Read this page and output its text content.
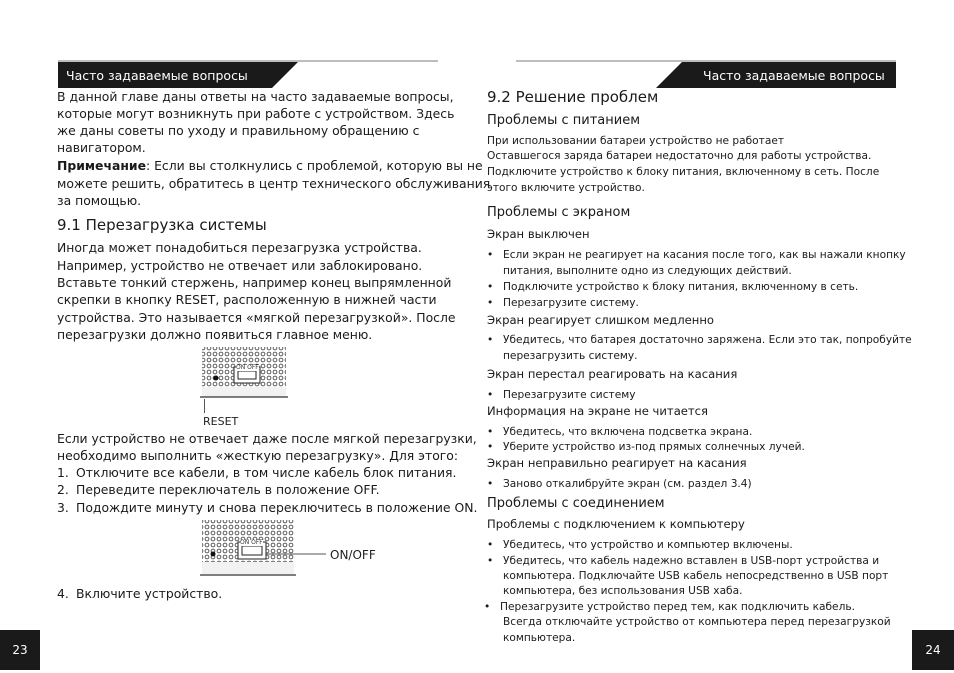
Часто задаваемые вопросы

В данной главе даны ответы на часто задаваемые вопросы,

которые могут возникнуть при работе с устройством. Здесь

же даны советы по уходу и правильному обращению с

навигатором.

Примечание: Если вы столкнулись с проблемой, которую вы не

можете решить, обратитесь в центр технического обслуживания

за помощью.

9.1 Перезагрузка системы

Иногда может понадобиться перезагрузка устройства.

Например, устройство не отвечает или заблокировано.

Вставьте тонкий стержень, например конец выпрямленной

скрепки в кнопку RESET, расположенную в нижней части

устройства. Это называется «мягкой перезагрузкой». После

перезагрузки должно появиться главное меню.

ON OFF
RESET

Если устройство не отвечает даже после мягкой перезагрузки,

необходимо выполнить «жесткую перезагрузку». Для этого:

1. Отключите все кабели, в том числе кабель блок питания.
2. Переведите переключатель в положение OFF.
3. Подождите минуту и снова переключитесь в положение ON.
ON OFF
ON/OFF
4. Включите устройство.
23
Часто задаваемые вопросы
9.2 Решение проблем
Проблемы с питанием

При использовании батареи устройство не работает

Оставшегося заряда батареи недостаточно для работы устройства.

Подключите устройство к блоку питания, включенному в сеть. После

этого включите устройство.

Проблемы с экраном

Экран выключен

• Если экран не реагирует на касания после того, как вы нажали кнопку

питания, выполните одно из следующих действий.

• Подключите устройство к блоку питания, включенному в сеть.

• Перезагрузите систему.

Экран реагирует слишком медленно

• Убедитесь, что батарея достаточно заряжена. Если это так, попробуйте

перезагрузить систему.

Экран перестал реагировать на касания

• Перезагрузите систему

Информация на экране не читается

• Убедитесь, что включена подсветка экрана.

• Уберите устройство из-под прямых солнечных лучей.

Экран неправильно реагирует на касания

• Заново откалибруйте экран (см. раздел 3.4)

Проблемы с соединением

Проблемы с подключением к компьютеру

• Убедитесь, что устройство и компьютер включены.

• Убедитесь, что кабель надежно вставлен в USB-порт устройства и

компьютера. Подключайте USB кабель непосредственно в USB порт

компьютера, без использования USB хаба.

• Перезагрузите устройство перед тем, как подключить кабель.

Всегда отключайте устройство от компьютера перед перезагрузкой

компьютера.

24
